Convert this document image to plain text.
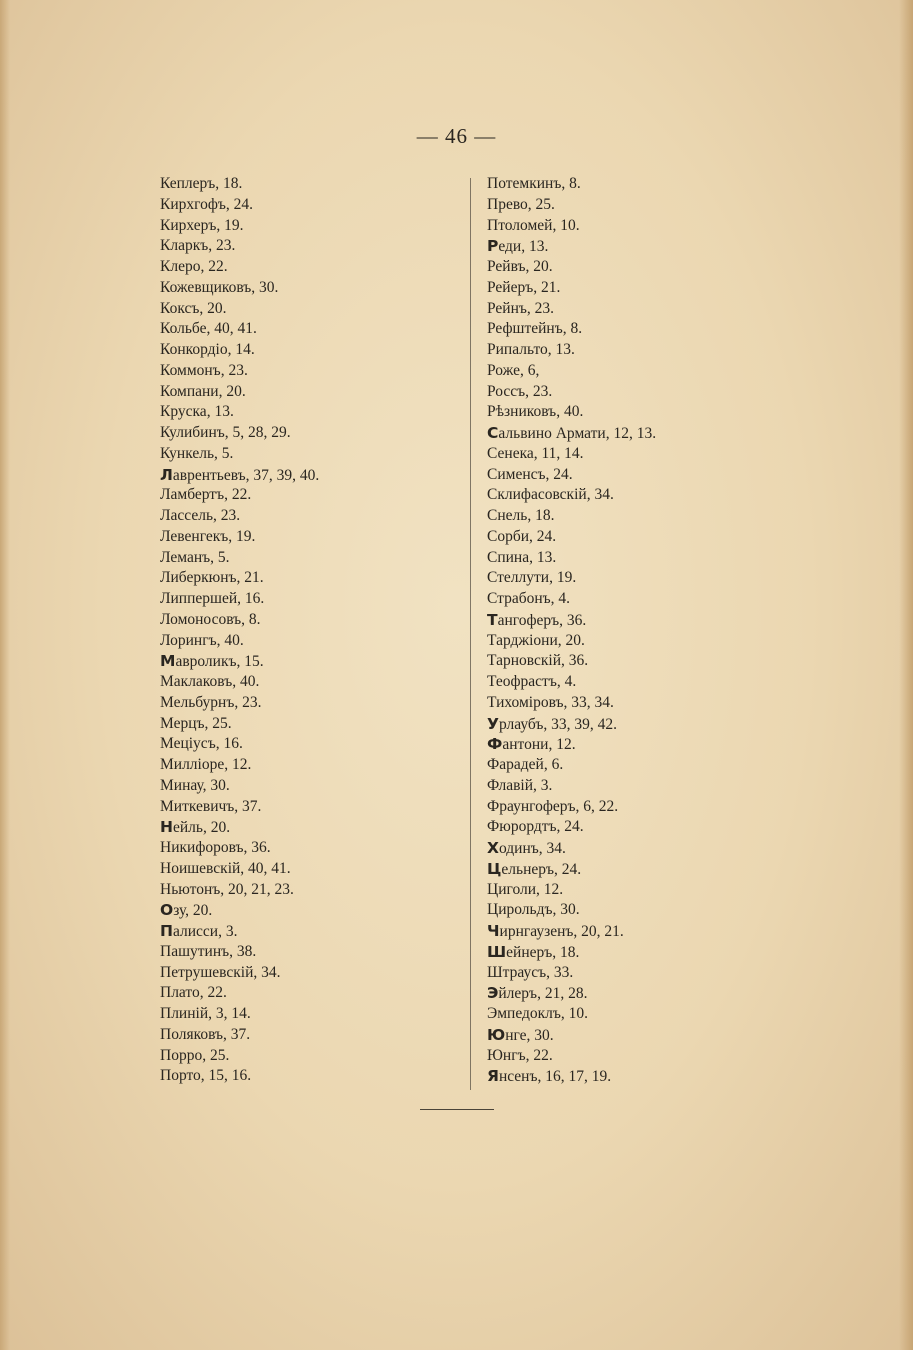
— 46 —
Кеплеръ, 18.
Кирхгофъ, 24.
Кирхеръ, 19.
Кларкъ, 23.
Клеро, 22.
Кожевщиковъ, 30.
Коксъ, 20.
Кольбе, 40, 41.
Конкордіо, 14.
Коммонъ, 23.
Компани, 20.
Круска, 13.
Кулибинъ, 5, 28, 29.
Кункель, 5.
Лаврентьевъ, 37, 39, 40.
Ламбертъ, 22.
Лассель, 23.
Левенгекъ, 19.
Леманъ, 5.
Либеркюнъ, 21.
Липпершей, 16.
Ломоносовъ, 8.
Лорингъ, 40.
Мавроликъ, 15.
Маклаковъ, 40.
Мельбурнъ, 23.
Мерцъ, 25.
Меціусъ, 16.
Милліоре, 12.
Минау, 30.
Миткевичъ, 37.
Нейль, 20.
Никифоровъ, 36.
Ноишевскій, 40, 41.
Ньютонъ, 20, 21, 23.
Озу, 20.
Палисси, 3.
Пашутинъ, 38.
Петрушевскій, 34.
Плато, 22.
Плиній, 3, 14.
Поляковъ, 37.
Порро, 25.
Порто, 15, 16.
Потемкинъ, 8.
Прево, 25.
Птоломей, 10.
Реди, 13.
Рейвъ, 20.
Рейеръ, 21.
Рейнъ, 23.
Рефштейнъ, 8.
Рипальто, 13.
Роже, 6,
Россъ, 23.
Рѣзниковъ, 40.
Сальвино Армати, 12, 13.
Сенека, 11, 14.
Сименсъ, 24.
Склифасовскій, 34.
Снель, 18.
Сорби, 24.
Спина, 13.
Стеллути, 19.
Страбонъ, 4.
Тангоферъ, 36.
Тарджіони, 20.
Тарновскій, 36.
Теофрастъ, 4.
Тихоміровъ, 33, 34.
Урлаубъ, 33, 39, 42.
Фантони, 12.
Фарадей, 6.
Флавій, 3.
Фраунгоферъ, 6, 22.
Фюрордтъ, 24.
Ходинъ, 34.
Цельнеръ, 24.
Циголи, 12.
Цирольдъ, 30.
Чирнгаузенъ, 20, 21.
Шейнеръ, 18.
Штраусъ, 33.
Эйлеръ, 21, 28.
Эмпедоклъ, 10.
Юнге, 30.
Юнгъ, 22.
Янсенъ, 16, 17, 19.
